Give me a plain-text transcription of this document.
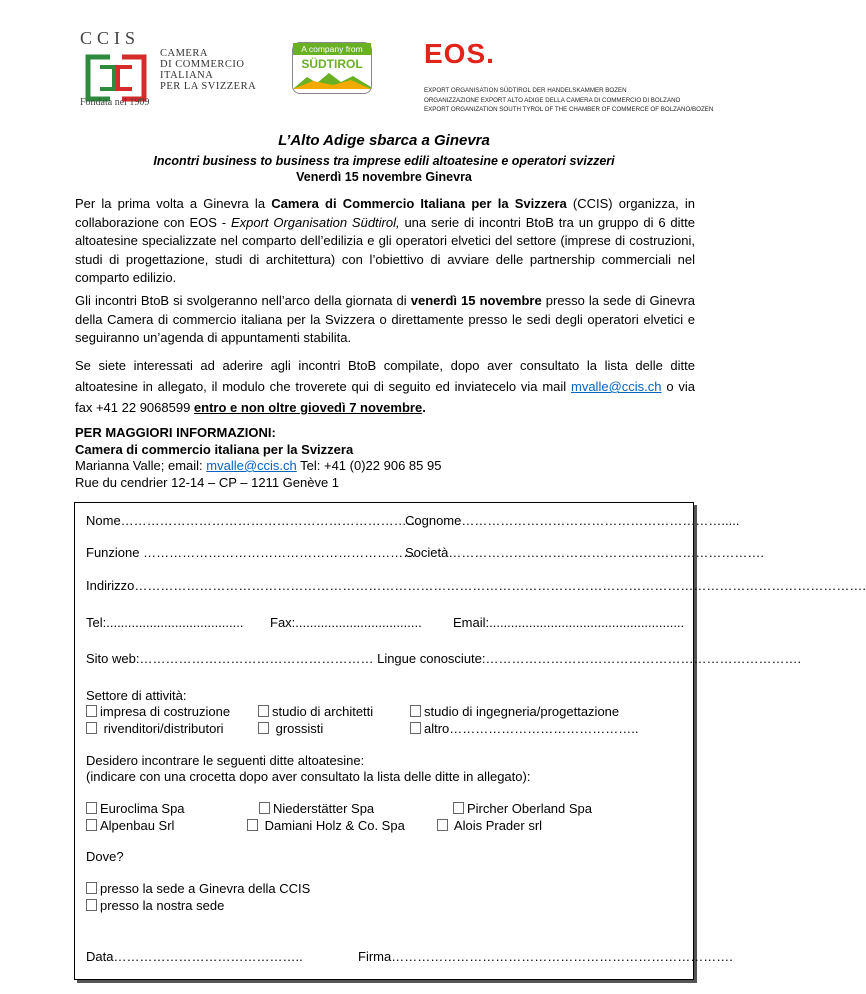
CCIS
CAMERA
DI COMMERCIO
ITALIANA
PER LA SVIZZERA
Fondata nel 1909
A company from
SÜDTIROL EOS.
EXPORT ORGANISATION SÜDTIROL DER HANDELSKAMMER BOZEN
ORGANIZZAZIONE EXPORT ALTO ADIGE DELLA CAMERA DI COMMERCIO DI BOLZANO
EXPORT ORGANIZATION SOUTH TYROL OF THE CHAMBER OF COMMERCE OF BOLZANO/BOZEN
L’Alto Adige sbarca a Ginevra
Incontri business to business tra imprese edili altoatesine e operatori svizzeri
Venerdì 15 novembre Ginevra
Per la prima volta a Ginevra la Camera di Commercio Italiana per la Svizzera (CCIS) organizza, in collaborazione con EOS - Export Organisation Südtirol, una serie di incontri BtoB tra un gruppo di 6 ditte altoatesine specializzate nel comparto dell’edilizia e gli operatori elvetici del settore (imprese di costruzioni, studi di progettazione, studi di architettura) con l’obiettivo di avviare delle partnership commerciali nel comparto edilizio.
Gli incontri BtoB si svolgeranno nell’arco della giornata di venerdì 15 novembre presso la sede di Ginevra della Camera di commercio italiana per la Svizzera o direttamente presso le sedi degli operatori elvetici e seguiranno un’agenda di appuntamenti stabilita.
Se siete interessati ad aderire agli incontri BtoB compilate, dopo aver consultato la lista delle ditte altoatesine in allegato, il modulo che troverete qui di seguito ed inviatecelo via mail mvalle@ccis.ch o via fax +41 22 9068599 entro e non oltre giovedì 7 novembre.
PER MAGGIORI INFORMAZIONI:
Camera di commercio italiana per la Svizzera
Marianna Valle; email: mvalle@ccis.ch Tel: +41 (0)22 906 85 95
Rue du cendrier 12-14 – CP – 1211 Genève 1
Nome……………………………………………………………
Cognome…………………………………………………….....
Funzione ………………………………………………………
Società……………………………………………………………….
Indirizzo…………………………………………………………………………………………………………………………………………………….
Tel:...................................... Fax:................................... Email:......................................................
Sito web:……………………………………………… Lingue conosciute:……………………………………………………………….
Settore di attività:
impresa di costruzione
rivenditori/distributori
studio di architetti
grossisti
studio di ingegneria/progettazione
altro……………………………………..
Desidero incontrare le seguenti ditte altoatesine:
(indicare con una crocetta dopo aver consultato la lista delle ditte in allegato):
Euroclima Spa
Alpenbau Srl
Niederstätter Spa
Damiani Holz & Co. Spa
Pircher Oberland Spa
Alois Prader srl
Dove?
presso la sede a Ginevra della CCIS
presso la nostra sede
Data……………………………………..	Firma…………………………………………………………………….
